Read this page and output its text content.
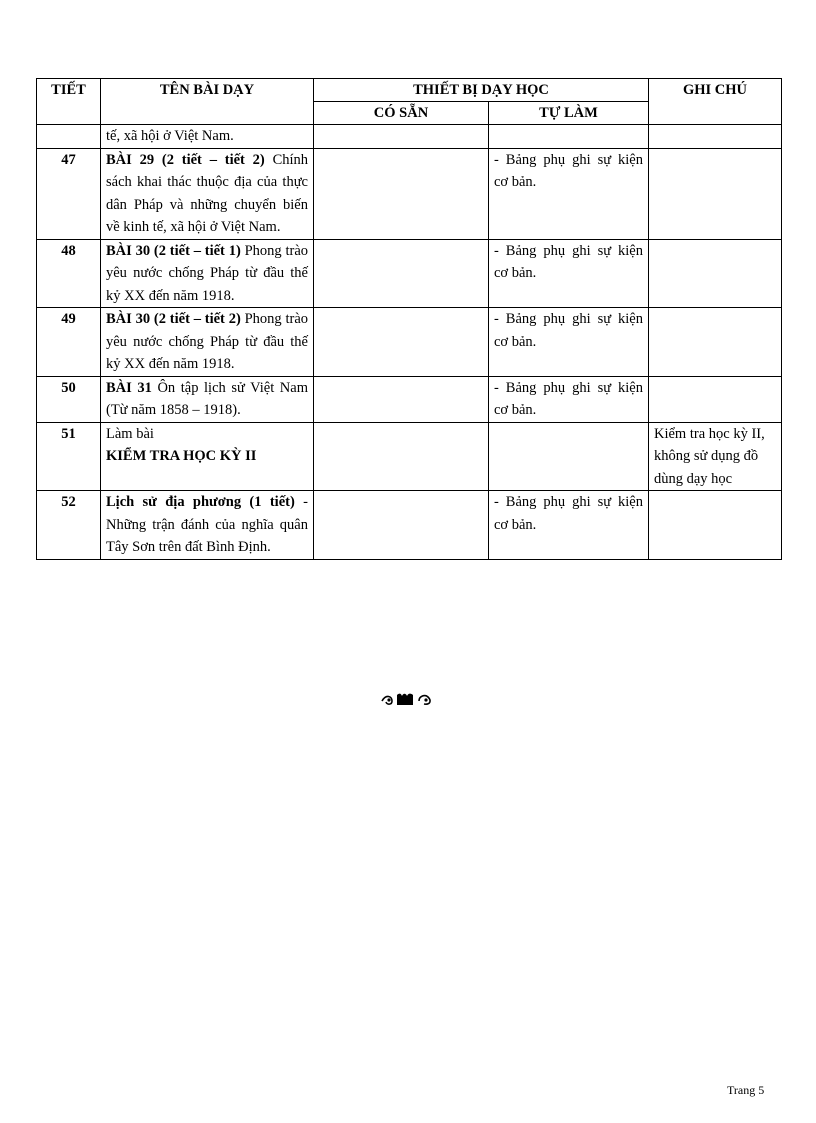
TIẾT	TÊN BÀI DẠY	THIẾT BỊ DẠY HỌC		GHI CHÚ
		CÓ SẴN	TỰ LÀM	
	tế, xã hội ở Việt Nam.			
47	BÀI 29 (2 tiết – tiết 2) Chính sách khai thác thuộc địa của thực dân Pháp và những chuyển biến về kinh tế, xã hội ở Việt Nam.		- Bảng phụ ghi sự kiện cơ bản.	
48	BÀI 30 (2 tiết – tiết 1) Phong trào yêu nước chống Pháp từ đầu thế kỷ XX đến năm 1918.		- Bảng phụ ghi sự kiện cơ bản.	
49	BÀI 30 (2 tiết – tiết 2) Phong trào yêu nước chống Pháp từ đầu thế kỷ XX đến năm 1918.		- Bảng phụ ghi sự kiện cơ bản.	
50	BÀI 31 Ôn tập lịch sử Việt Nam (Từ năm 1858 – 1918).		- Bảng phụ ghi sự kiện cơ bản.	
51	Làm bài
KIỂM TRA HỌC KỲ II			Kiểm tra học kỳ II, không sử dụng đồ dùng dạy học
52	Lịch sử địa phương (1 tiết) - Những trận đánh của nghĩa quân Tây Sơn trên đất Bình Định.		- Bảng phụ ghi sự kiện cơ bản.	
Trang 5
